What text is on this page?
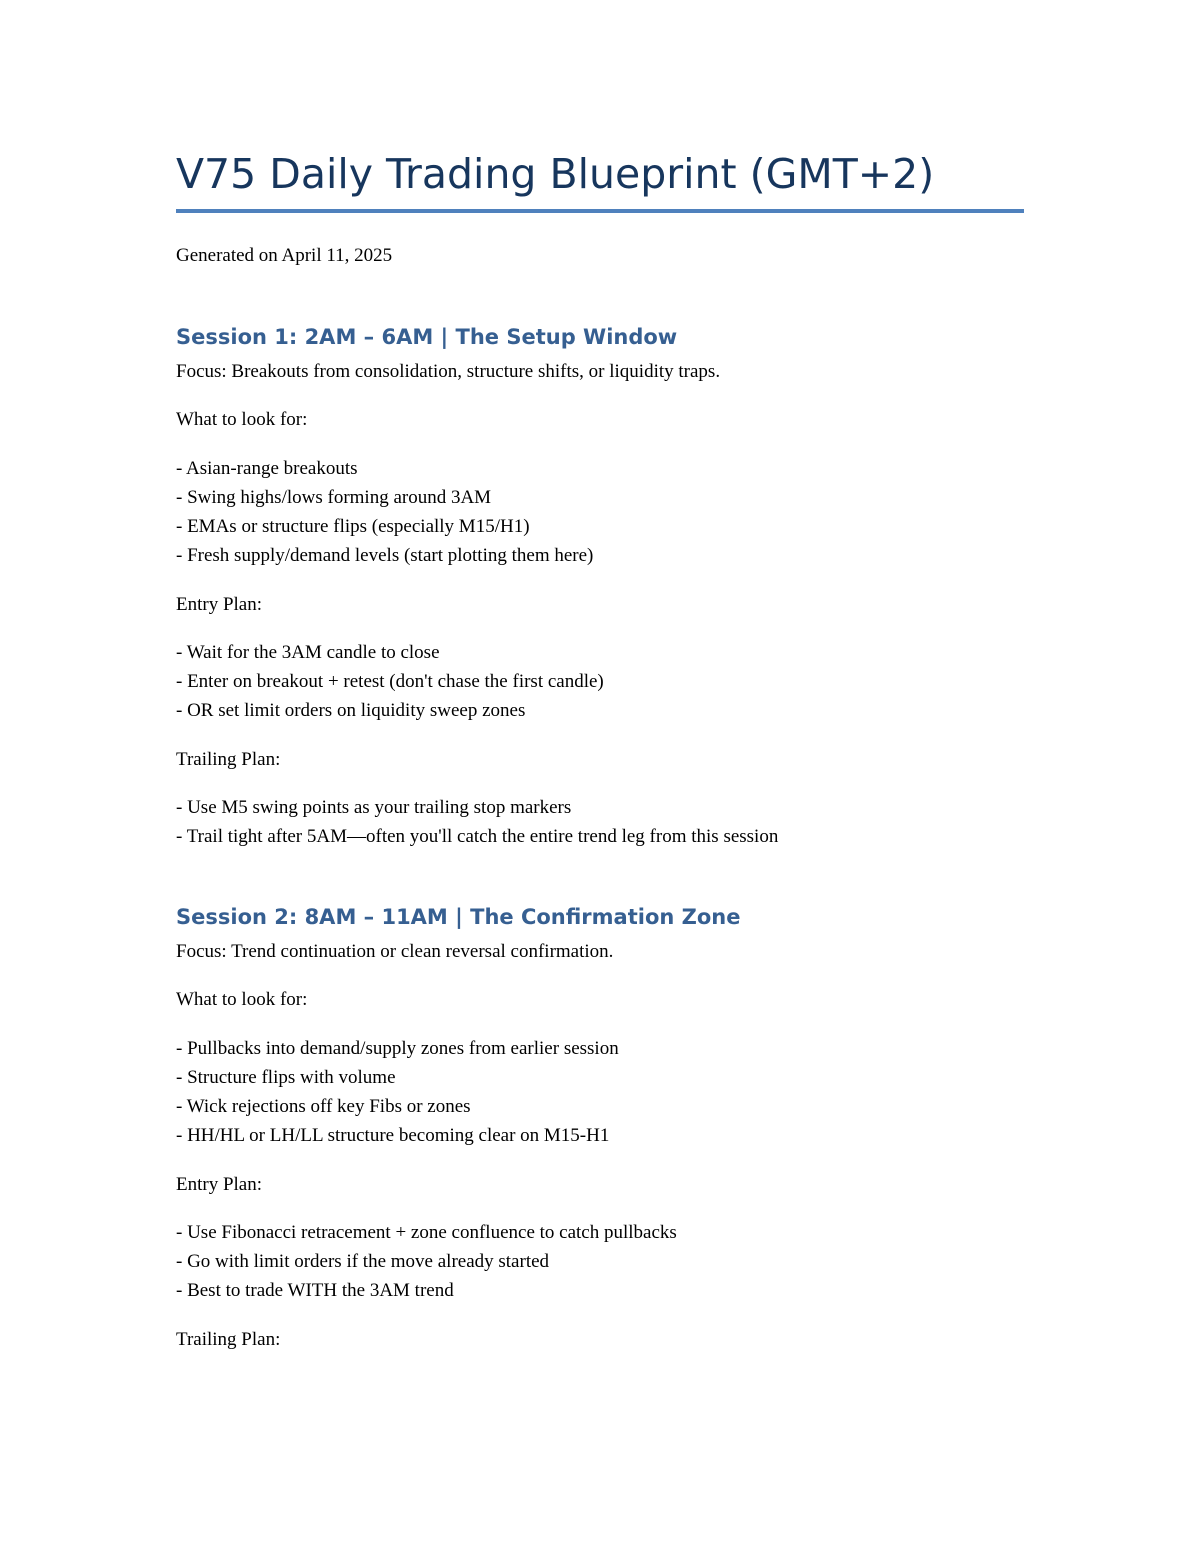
V75 Daily Trading Blueprint (GMT+2)

Generated on April 11, 2025

Session 1: 2AM – 6AM | The Setup Window

Focus: Breakouts from consolidation, structure shifts, or liquidity traps.

What to look for:

- Asian-range breakouts
- Swing highs/lows forming around 3AM
- EMAs or structure flips (especially M15/H1)
- Fresh supply/demand levels (start plotting them here)

Entry Plan:

- Wait for the 3AM candle to close
- Enter on breakout + retest (don't chase the first candle)
- OR set limit orders on liquidity sweep zones

Trailing Plan:

- Use M5 swing points as your trailing stop markers
- Trail tight after 5AM—often you'll catch the entire trend leg from this session
Session 2: 8AM – 11AM | The Confirmation Zone

Focus: Trend continuation or clean reversal confirmation.

What to look for:

- Pullbacks into demand/supply zones from earlier session
- Structure flips with volume
- Wick rejections off key Fibs or zones
- HH/HL or LH/LL structure becoming clear on M15-H1

Entry Plan:

- Use Fibonacci retracement + zone confluence to catch pullbacks
- Go with limit orders if the move already started
- Best to trade WITH the 3AM trend

Trailing Plan:
